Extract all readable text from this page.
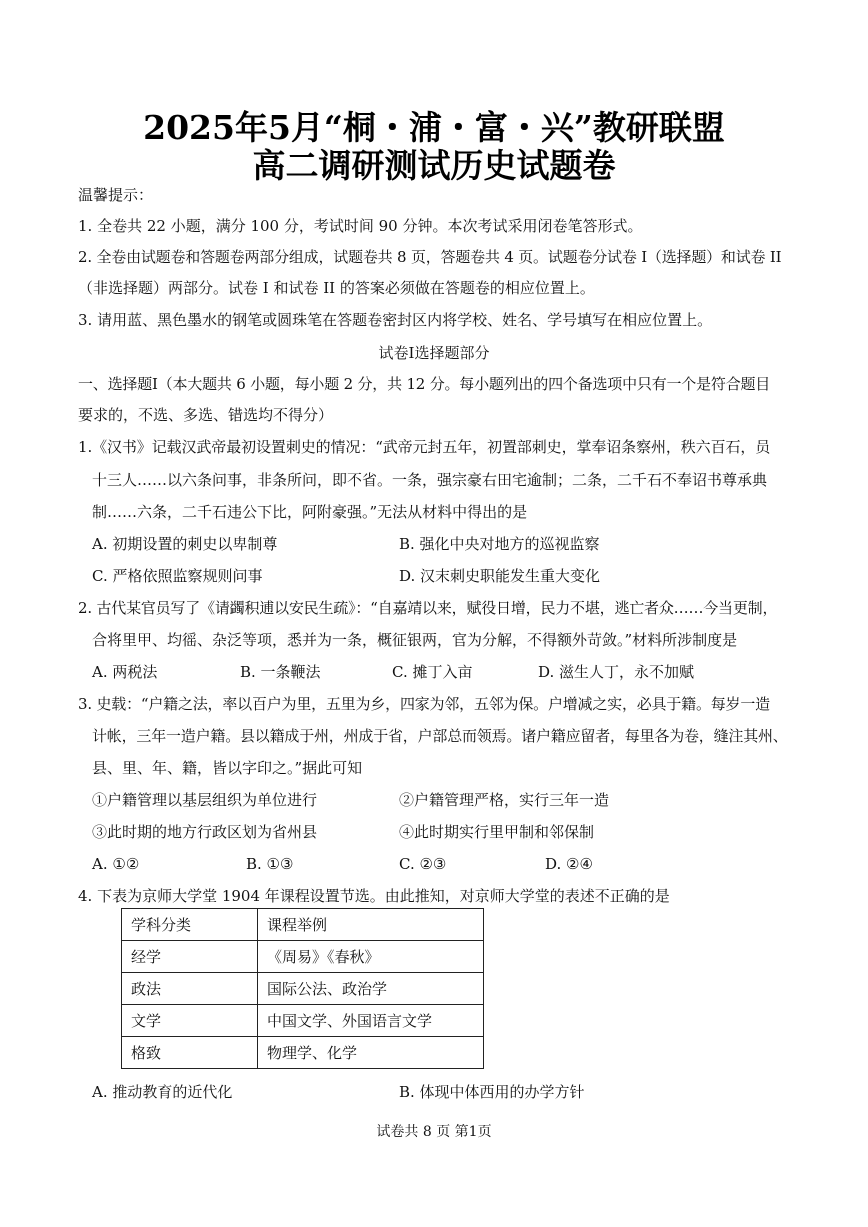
2025年5月“桐・浦・富・兴”教研联盟
高二调研测试历史试题卷
温馨提示：
1. 全卷共 22 小题，满分 100 分，考试时间 90 分钟。本次考试采用闭卷笔答形式。
2. 全卷由试题卷和答题卷两部分组成，试题卷共 8 页，答题卷共 4 页。试题卷分试卷 I（选择题）和试卷 II
（非选择题）两部分。试卷 I 和试卷 II 的答案必须做在答题卷的相应位置上。
3. 请用蓝、黑色墨水的钢笔或圆珠笔在答题卷密封区内将学校、姓名、学号填写在相应位置上。
试卷Ⅰ选择题部分
一、选择题Ⅰ（本大题共 6 小题，每小题 2 分，共 12 分。每小题列出的四个备选项中只有一个是符合题目
要求的，不选、多选、错选均不得分）
1.《汉书》记载汉武帝最初设置刺史的情况：“武帝元封五年，初置部刺史，掌奉诏条察州，秩六百石，员
十三人……以六条问事，非条所问，即不省。一条，强宗豪右田宅逾制；二条，二千石不奉诏书尊承典
制……六条，二千石违公下比，阿附豪强。”无法从材料中得出的是
A. 初期设置的刺史以卑制尊	B. 强化中央对地方的巡视监察
C. 严格依照监察规则问事	D. 汉末刺史职能发生重大变化
2. 古代某官员写了《请蠲积逋以安民生疏》：“自嘉靖以来，赋役日增，民力不堪，逃亡者众……今当更制，
合将里甲、均徭、杂泛等项，悉并为一条，概征银两，官为分解，不得额外苛敛。”材料所涉制度是
A. 两税法	B. 一条鞭法	C. 摊丁入亩	D. 滋生人丁，永不加赋
3. 史载：“户籍之法，率以百户为里，五里为乡，四家为邻，五邻为保。户增减之实，必具于籍。每岁一造
计帐，三年一造户籍。县以籍成于州，州成于省，户部总而领焉。诸户籍应留者，每里各为卷，缝注其州、
县、里、年、籍，皆以字印之。”据此可知
①户籍管理以基层组织为单位进行	②户籍管理严格，实行三年一造
③此时期的地方行政区划为省州县	④此时期实行里甲制和邻保制
A. ①②	B. ①③	C. ②③	D. ②④
4. 下表为京师大学堂 1904 年课程设置节选。由此推知，对京师大学堂的表述不正确的是
学科分类	课程举例
经学	《周易》《春秋》
政法	国际公法、政治学
文学	中国文学、外国语言文学
格致	物理学、化学
A. 推动教育的近代化	B. 体现中体西用的办学方针
试卷共 8 页 第1页
